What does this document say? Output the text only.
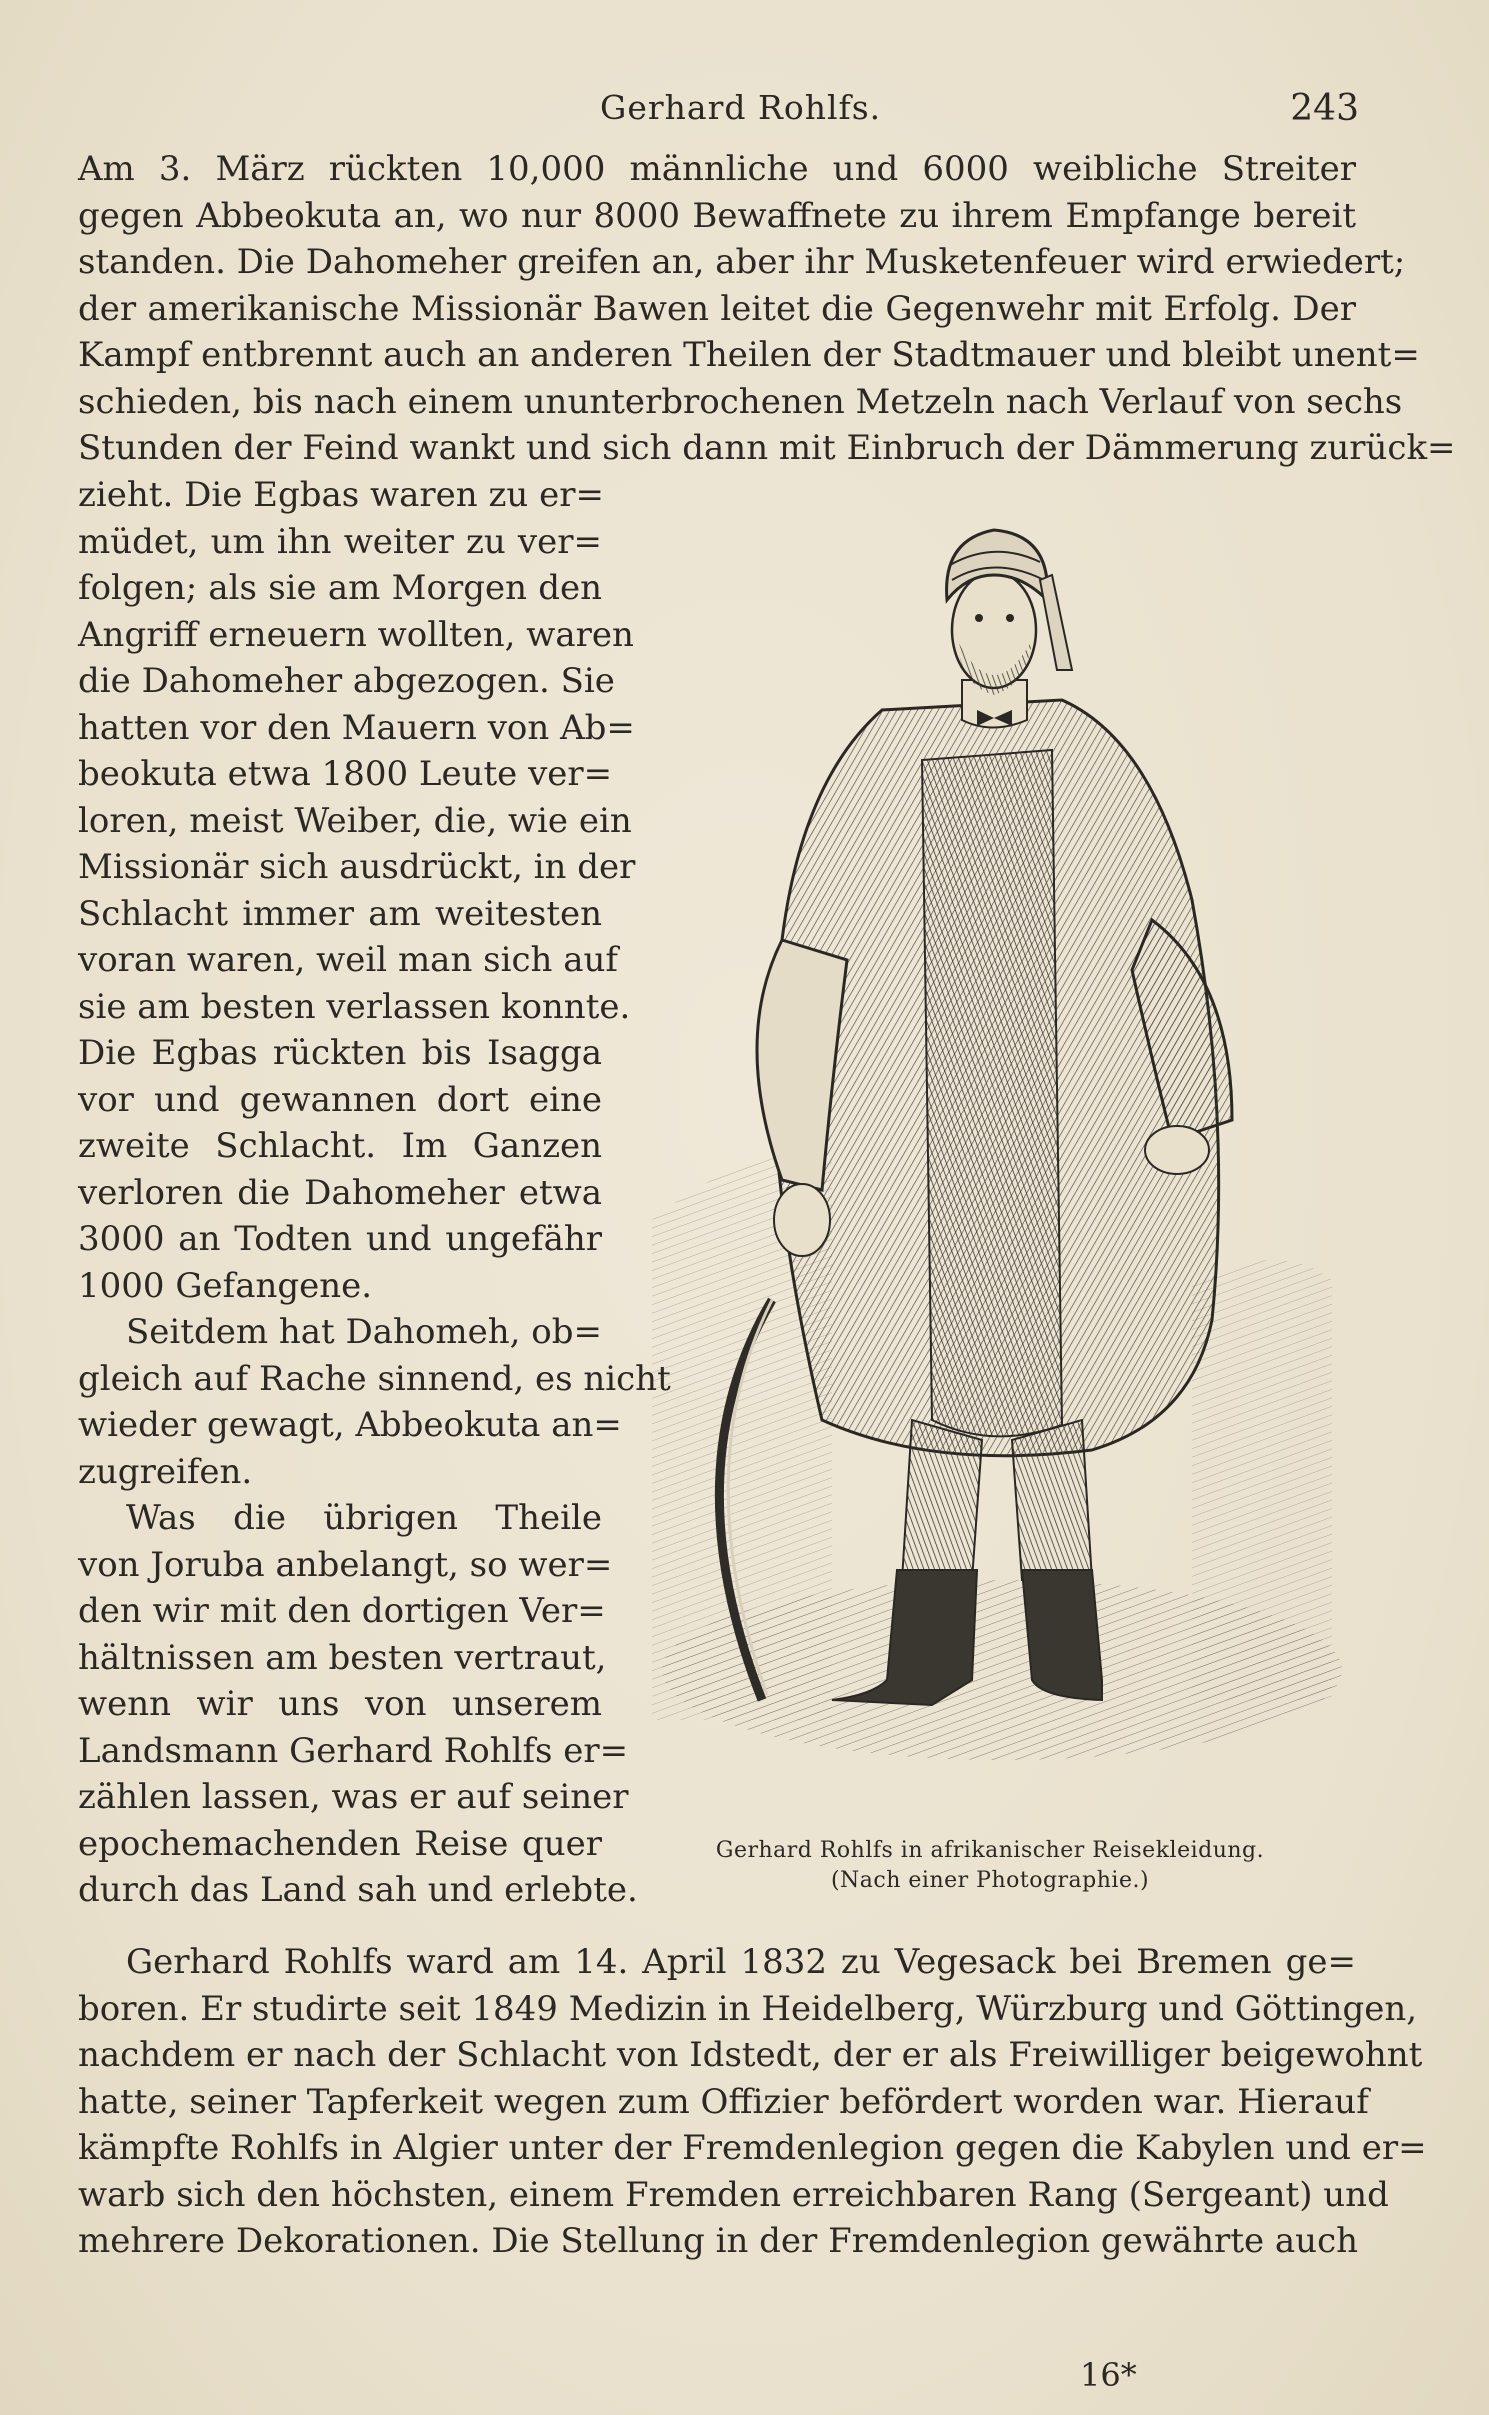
Gerhard Rohlfs.	243
Am 3. März rückten 10,000 männliche und 6000 weibliche Streiter
gegen Abbeokuta an, wo nur 8000 Bewaffnete zu ihrem Empfange bereit
standen. Die Dahomeher greifen an, aber ihr Musketenfeuer wird erwiedert;
der amerikanische Missionär Bawen leitet die Gegenwehr mit Erfolg. Der
Kampf entbrennt auch an anderen Theilen der Stadtmauer und bleibt unent=
schieden, bis nach einem ununterbrochenen Metzeln nach Verlauf von sechs
Stunden der Feind wankt und sich dann mit Einbruch der Dämmerung zurück=
zieht. Die Egbas waren zu er=
müdet, um ihn weiter zu ver=
folgen; als sie am Morgen den
Angriff erneuern wollten, waren
die Dahomeher abgezogen. Sie
hatten vor den Mauern von Ab=
beokuta etwa 1800 Leute ver=
loren, meist Weiber, die, wie ein
Missionär sich ausdrückt, in der
Schlacht immer am weitesten
voran waren, weil man sich auf
sie am besten verlassen konnte.
Die Egbas rückten bis Isagga
vor und gewannen dort eine
zweite Schlacht. Im Ganzen
verloren die Dahomeher etwa
3000 an Todten und ungefähr
1000 Gefangene.
Seitdem hat Dahomeh, ob=
gleich auf Rache sinnend, es nicht
wieder gewagt, Abbeokuta an=
zugreifen.
Was die übrigen Theile
von Joruba anbelangt, so wer=
den wir mit den dortigen Ver=
hältnissen am besten vertraut,
wenn wir uns von unserem
Landsmann Gerhard Rohlfs er=
zählen lassen, was er auf seiner
epochemachenden Reise quer
durch das Land sah und erlebte.
Gerhard Rohlfs in afrikanischer Reisekleidung.
(Nach einer Photographie.)
Gerhard Rohlfs ward am 14. April 1832 zu Vegesack bei Bremen ge=
boren. Er studirte seit 1849 Medizin in Heidelberg, Würzburg und Göttingen,
nachdem er nach der Schlacht von Idstedt, der er als Freiwilliger beigewohnt
hatte, seiner Tapferkeit wegen zum Offizier befördert worden war. Hierauf
kämpfte Rohlfs in Algier unter der Fremdenlegion gegen die Kabylen und er=
warb sich den höchsten, einem Fremden erreichbaren Rang (Sergeant) und
mehrere Dekorationen. Die Stellung in der Fremdenlegion gewährte auch
16*
